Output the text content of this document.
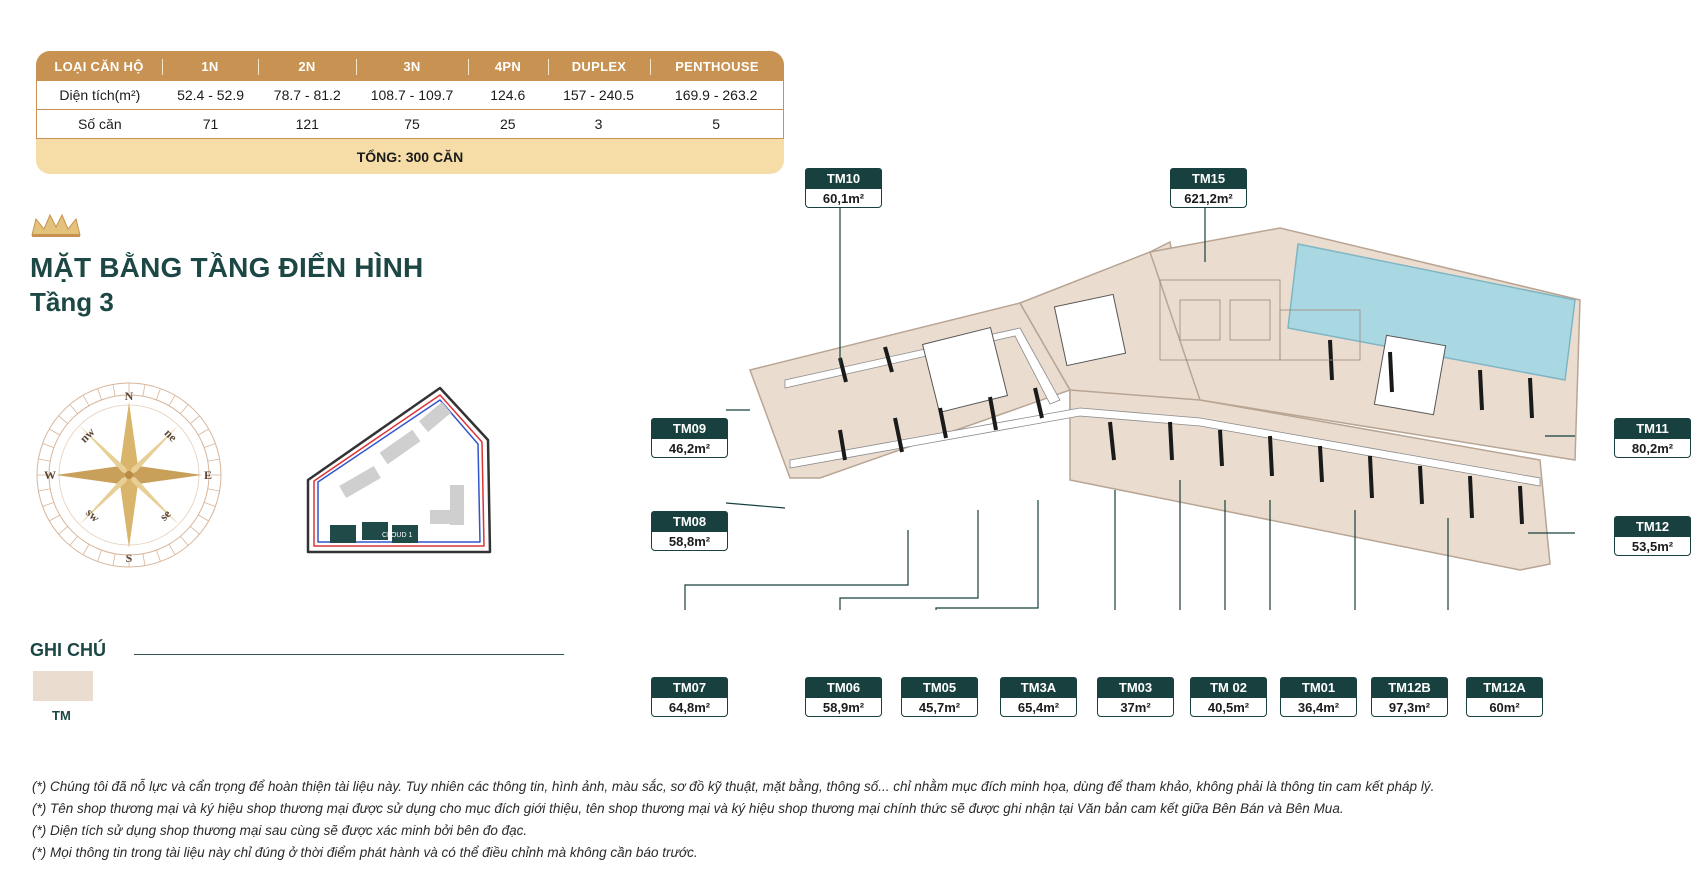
LOẠI CĂN HỘ	1N	2N	3N	4PN	DUPLEX	PENTHOUSE
Diện tích(m²)	52.4 - 52.9	78.7 - 81.2	108.7 - 109.7	124.6	157 - 240.5	169.9 - 263.2
Số căn	71	121	75	25	3	5
TỔNG: 300 CĂN
MẶT BẰNG TẦNG ĐIỂN HÌNH
Tầng 3
N
S
E
W
ne
nw
se
sw
CLOUD 1
GHI CHÚ
TM
TM10
60,1m²
TM15
621,2m²
TM09
46,2m²
TM11
80,2m²
TM08
58,8m²
TM12
53,5m²
TM07
64,8m²
TM06
58,9m²
TM05
45,7m²
TM3A
65,4m²
TM03
37m²
TM 02
40,5m²
TM01
36,4m²
TM12B
97,3m²
TM12A
60m²
(*) Chúng tôi đã nỗ lực và cẩn trọng để hoàn thiện tài liệu này. Tuy nhiên các thông tin, hình ảnh, màu sắc, sơ đồ kỹ thuật, mặt bằng, thông số... chỉ nhằm mục đích minh họa, dùng để tham khảo, không phải là thông tin cam kết pháp lý.
(*) Tên shop thương mại và ký hiệu shop thương mại được sử dụng cho mục đích giới thiệu, tên shop thương mại và ký hiệu shop thương mại chính thức sẽ được ghi nhận tại Văn bản cam kết giữa Bên Bán và Bên Mua.
(*) Diện tích sử dụng shop thương mại sau cùng sẽ được xác minh bởi bên đo đạc.
(*) Mọi thông tin trong tài liệu này chỉ đúng ở thời điểm phát hành và có thể điều chỉnh mà không cần báo trước.
